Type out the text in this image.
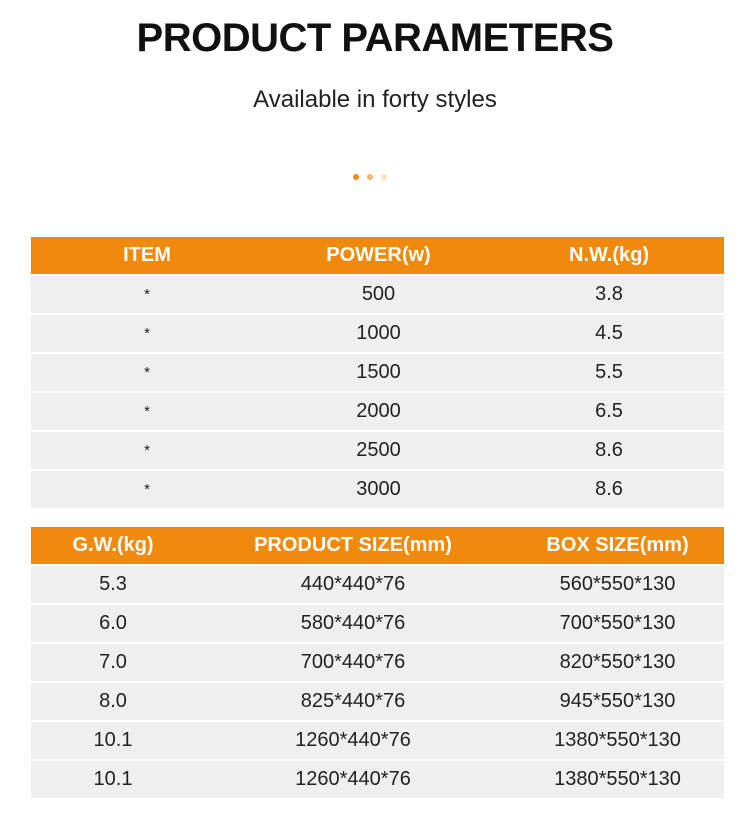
PRODUCT PARAMETERS
Available in forty styles
ITEM	POWER(w)	N.W.(kg)
*	500	3.8
*	1000	4.5
*	1500	5.5
*	2000	6.5
*	2500	8.6
*	3000	8.6
G.W.(kg)	PRODUCT SIZE(mm)	BOX SIZE(mm)
5.3	440*440*76	560*550*130
6.0	580*440*76	700*550*130
7.0	700*440*76	820*550*130
8.0	825*440*76	945*550*130
10.1	1260*440*76	1380*550*130
10.1	1260*440*76	1380*550*130
